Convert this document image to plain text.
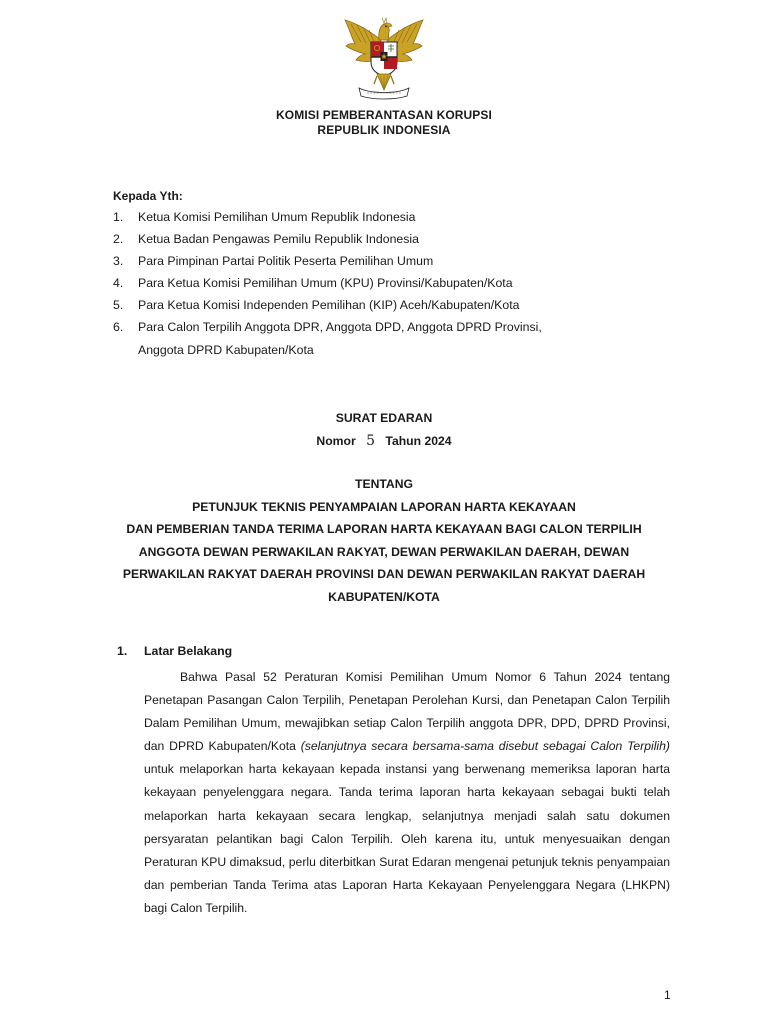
KOMISI PEMBERANTASAN KORUPSI
REPUBLIK INDONESIA
Kepada Yth:
1. Ketua Komisi Pemilihan Umum Republik Indonesia
2. Ketua Badan Pengawas Pemilu Republik Indonesia
3. Para Pimpinan Partai Politik Peserta Pemilihan Umum
4. Para Ketua Komisi Pemilihan Umum (KPU) Provinsi/Kabupaten/Kota
5. Para Ketua Komisi Independen Pemilihan (KIP) Aceh/Kabupaten/Kota
6. Para Calon Terpilih Anggota DPR, Anggota DPD, Anggota DPRD Provinsi,
Anggota DPRD Kabupaten/Kota
SURAT EDARAN
Nomor 5 Tahun 2024
TENTANG
PETUNJUK TEKNIS PENYAMPAIAN LAPORAN HARTA KEKAYAAN
DAN PEMBERIAN TANDA TERIMA LAPORAN HARTA KEKAYAAN BAGI CALON TERPILIH
ANGGOTA DEWAN PERWAKILAN RAKYAT, DEWAN PERWAKILAN DAERAH, DEWAN
PERWAKILAN RAKYAT DAERAH PROVINSI DAN DEWAN PERWAKILAN RAKYAT DAERAH
KABUPATEN/KOTA
1. Latar Belakang

Bahwa Pasal 52 Peraturan Komisi Pemilihan Umum Nomor 6 Tahun 2024 tentang Penetapan Pasangan Calon Terpilih, Penetapan Perolehan Kursi, dan Penetapan Calon Terpilih Dalam Pemilihan Umum, mewajibkan setiap Calon Terpilih anggota DPR, DPD, DPRD Provinsi, dan DPRD Kabupaten/Kota (selanjutnya secara bersama-sama disebut sebagai Calon Terpilih) untuk melaporkan harta kekayaan kepada instansi yang berwenang memeriksa laporan harta kekayaan penyelenggara negara. Tanda terima laporan harta kekayaan sebagai bukti telah melaporkan harta kekayaan secara lengkap, selanjutnya menjadi salah satu dokumen persyaratan pelantikan bagi Calon Terpilih. Oleh karena itu, untuk menyesuaikan dengan Peraturan KPU dimaksud, perlu diterbitkan Surat Edaran mengenai petunjuk teknis penyampaian dan pemberian Tanda Terima atas Laporan Harta Kekayaan Penyelenggara Negara (LHKPN) bagi Calon Terpilih.

1
